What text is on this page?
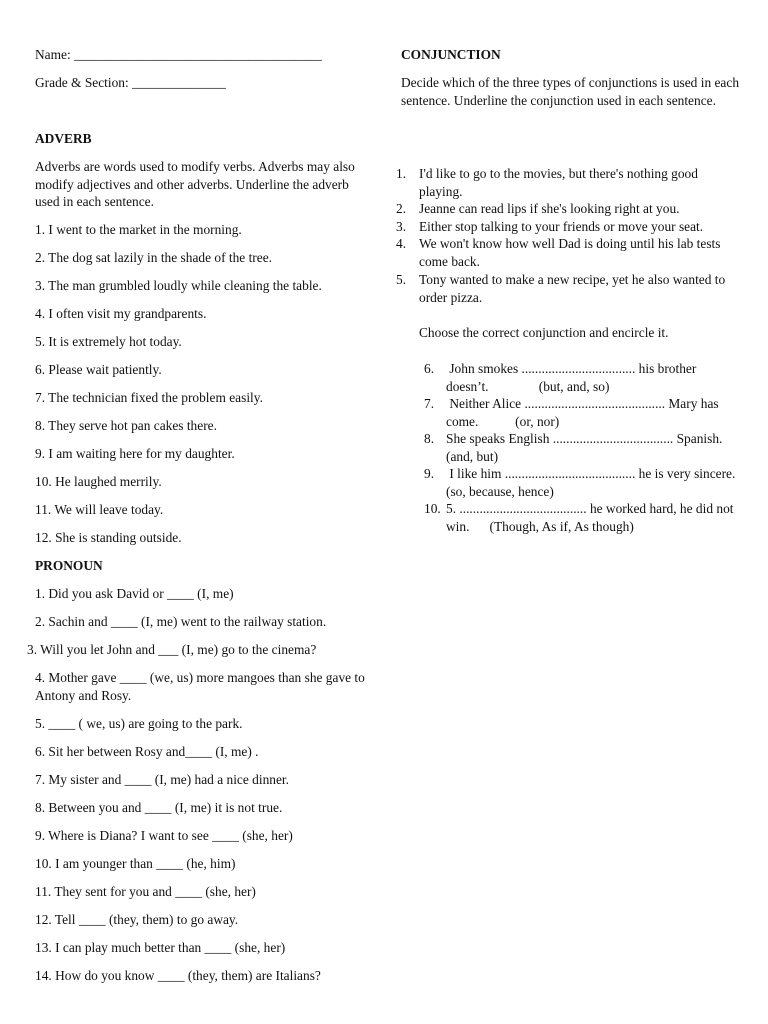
Name: _____________________________________
Grade & Section: ______________
ADVERB
Adverbs are words used to modify verbs. Adverbs may also modify adjectives and other adverbs. Underline the adverb used in each sentence.
1. I went to the market in the morning.
2. The dog sat lazily in the shade of the tree.
3. The man grumbled loudly while cleaning the table.
4. I often visit my grandparents.
5. It is extremely hot today.
6. Please wait patiently.
7. The technician fixed the problem easily.
8. They serve hot pan cakes there.
9. I am waiting here for my daughter.
10. He laughed merrily.
11. We will leave today.
12. She is standing outside.
PRONOUN
1. Did you ask David or ____ (I, me)
2. Sachin and ____ (I, me) went to the railway station.
3. Will you let John and ___ (I, me) go to the cinema?
4. Mother gave ____ (we, us) more mangoes than she gave to Antony and Rosy.
5. ____ ( we, us) are going to the park.
6. Sit her between Rosy and____ (I, me) .
7. My sister and ____ (I, me) had a nice dinner.
8. Between you and ____ (I, me) it is not true.
9. Where is Diana? I want to see ____ (she, her)
10. I am younger than ____ (he, him)
11. They sent for you and ____ (she, her)
12. Tell ____ (they, them) to go away.
13. I can play much better than ____ (she, her)
14. How do you know ____ (they, them) are Italians?
CONJUNCTION
Decide which of the three types of conjunctions is used in each sentence. Underline the conjunction used in each sentence.
1. I'd like to go to the movies, but there's nothing good
playing.
2. Jeanne can read lips if she's looking right at you.
3. Either stop talking to your friends or move your seat.
4. We won't know how well Dad is doing until his lab tests
come back.
5. Tony wanted to make a new recipe, yet he also wanted to
order pizza.
Choose the correct conjunction and encircle it.
6. John smokes .................................. his brother
doesn’t.               (but, and, so)
7. Neither Alice .......................................... Mary has
come.           (or, nor)
8. She speaks English .................................... Spanish.
(and, but)
9. I like him ....................................... he is very sincere.
(so, because, hence)
10. 5. ...................................... he worked hard, he did not
win.      (Though, As if, As though)
